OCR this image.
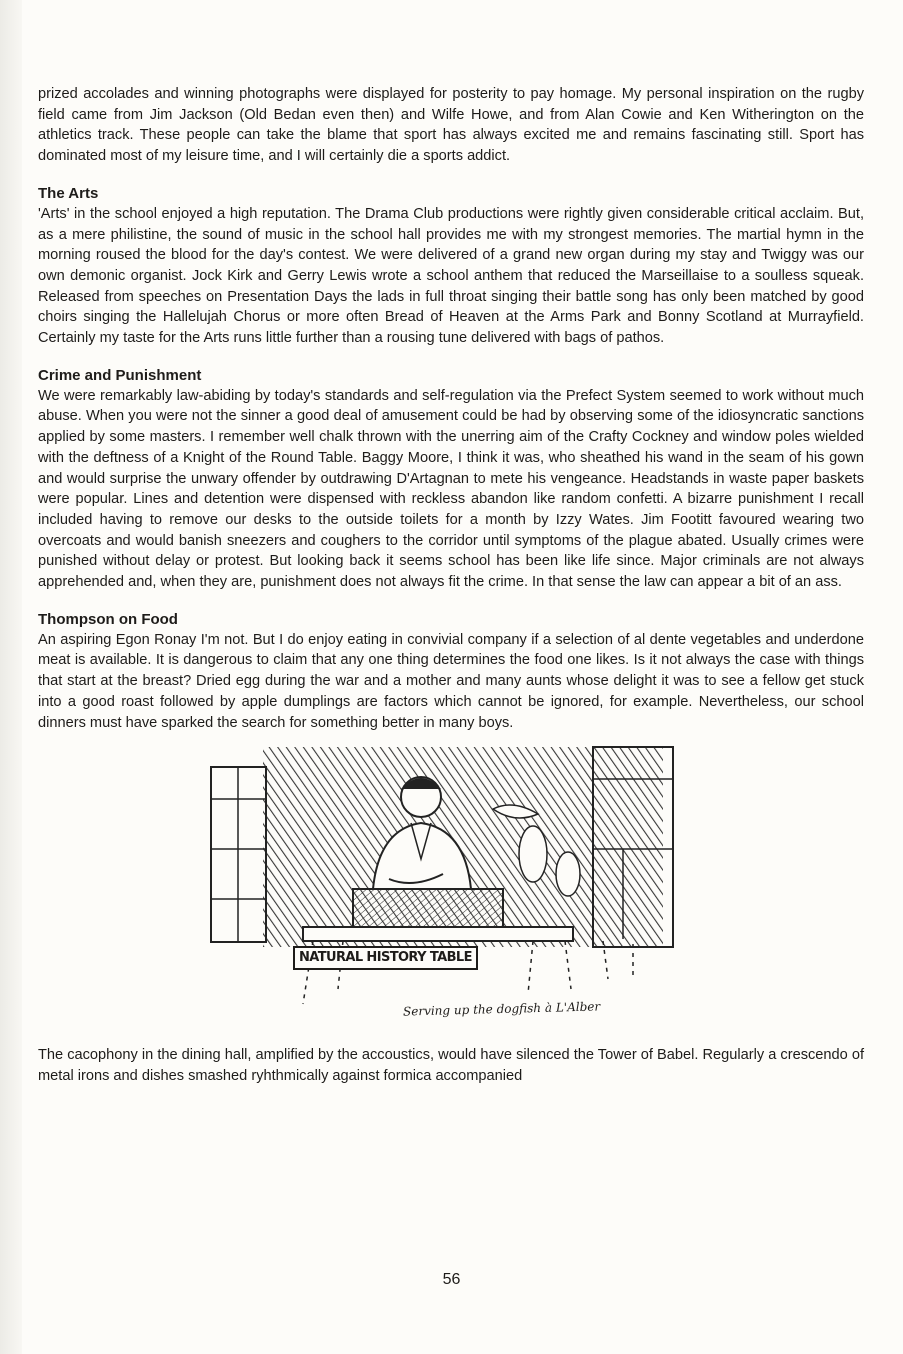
prized accolades and winning photographs were displayed for posterity to pay homage. My personal inspiration on the rugby field came from Jim Jackson (Old Bedan even then) and Wilfe Howe, and from Alan Cowie and Ken Witherington on the athletics track. These people can take the blame that sport has always excited me and remains fascinating still. Sport has dominated most of my leisure time, and I will certainly die a sports addict.

The Arts

'Arts' in the school enjoyed a high reputation. The Drama Club productions were rightly given considerable critical acclaim. But, as a mere philistine, the sound of music in the school hall provides me with my strongest memories. The martial hymn in the morning roused the blood for the day's contest. We were delivered of a grand new organ during my stay and Twiggy was our own demonic organist. Jock Kirk and Gerry Lewis wrote a school anthem that reduced the Marseillaise to a soulless squeak. Released from speeches on Presentation Days the lads in full throat singing their battle song has only been matched by good choirs singing the Hallelujah Chorus or more often Bread of Heaven at the Arms Park and Bonny Scotland at Murrayfield. Certainly my taste for the Arts runs little further than a rousing tune delivered with bags of pathos.

Crime and Punishment

We were remarkably law-abiding by today's standards and self-regulation via the Prefect System seemed to work without much abuse. When you were not the sinner a good deal of amusement could be had by observing some of the idiosyncratic sanctions applied by some masters. I remember well chalk thrown with the unerring aim of the Crafty Cockney and window poles wielded with the deftness of a Knight of the Round Table. Baggy Moore, I think it was, who sheathed his wand in the seam of his gown and would surprise the unwary offender by outdrawing D'Artagnan to mete his vengeance. Headstands in waste paper baskets were popular. Lines and detention were dispensed with reckless abandon like random confetti. A bizarre punishment I recall included having to remove our desks to the outside toilets for a month by Izzy Wates. Jim Footitt favoured wearing two overcoats and would banish sneezers and coughers to the corridor until symptoms of the plague abated. Usually crimes were punished without delay or protest. But looking back it seems school has been like life since. Major criminals are not always apprehended and, when they are, punishment does not always fit the crime. In that sense the law can appear a bit of an ass.

Thompson on Food

An aspiring Egon Ronay I'm not. But I do enjoy eating in convivial company if a selection of al dente vegetables and underdone meat is available. It is dangerous to claim that any one thing determines the food one likes. Is it not always the case with things that start at the breast? Dried egg during the war and a mother and many aunts whose delight it was to see a fellow get stuck into a good roast followed by apple dumplings are factors which cannot be ignored, for example. Nevertheless, our school dinners must have sparked the search for something better in many boys.

NATURAL HISTORY TABLE
Serving up the dogfish à L'Alber

The cacophony in the dining hall, amplified by the accoustics, would have silenced the Tower of Babel. Regularly a crescendo of metal irons and dishes smashed ryhthmically against formica accompanied

56
